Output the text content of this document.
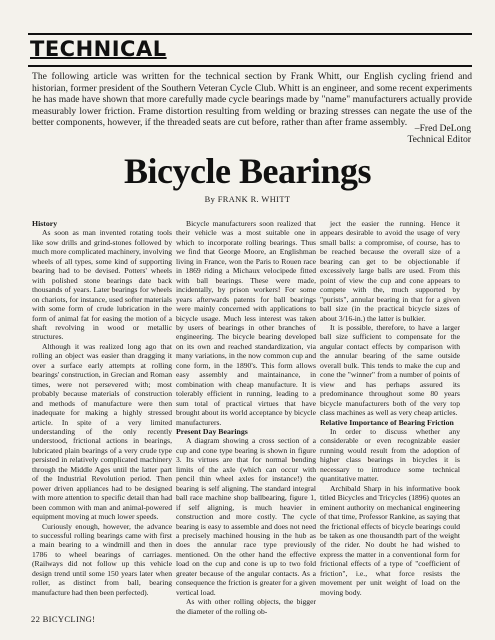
TECHNICAL
The following article was written for the technical section by Frank Whitt, our English cycling friend and historian, former president of the Southern Veteran Cycle Club. Whitt is an engineer, and some recent experiments he has made have shown that more carefully made cycle bearings made by "name" manufacturers actually provide measurably lower friction. Frame distortion resulting from welding or brazing stresses can negate the use of the better components, however, if the threaded seats are cut before, rather than after frame assembly.
–Fred DeLong
Technical Editor
Bicycle Bearings
By FRANK R. WHITT
History

As soon as man invented rotating tools like sow drills and grind-stones followed by much more complicated machinery, involving wheels of all types, some kind of supporting bearing had to be devised. Potters' wheels with polished stone bearings date back thousands of years. Later bearings for wheels on chariots, for instance, used softer materials with some form of crude lubrication in the form of animal fat for easing the motion of a shaft revolving in wood or metallic structures.

Although it was realized long ago that rolling an object was easier than dragging it over a surface early attempts at rolling bearings' construction, in Grecian and Roman times, were not persevered with; most probably because materials of construction and methods of manufacture were then inadequate for making a highly stressed article. In spite of a very limited understanding of the only recently understood, frictional actions in bearings, lubricated plain bearings of a very crude type persisted in relatively complicated machinery through the Middle Ages until the latter part of the Industrial Revolution period. Then power driven appliances had to be designed with more attention to specific detail than had been common with man and animal-powered equipment moving at much lower speeds.

Curiously enough, however, the advance to successful rolling bearings came with first a main bearing to a windmill and then in 1786 to wheel bearings of carriages. (Railways did not follow up this vehicle design trend until some 150 years later when roller, as distinct from ball, bearing manufacture had then been perfected).

Bicycle manufacturers soon realized that their vehicle was a most suitable one in which to incorporate rolling bearings. Thus we find that George Moore, an Englishman living in France, won the Paris to Rouen race in 1869 riding a Michaux velocipede fitted with ball bearings. These were made, incidentally, by prison workers! For some years afterwards patents for ball bearings were mainly concerned with applications to bicycle usage. Much less interest was taken by users of bearings in other branches of engineering. The bicycle bearing developed on its own and reached standardization, via many variations, in the now common cup and cone form, in the 1890's. This form allows easy assembly and maintainance, in combination with cheap manufacture. It is tolerably efficient in running, leading to a sum total of practical virtues that have brought about its world acceptance by bicycle manufacturers.

Present Day Bearings

A diagram showing a cross section of a cup and cone type bearing is shown in figure 3. Its virtues are that for normal bending limits of the axle (which can occur with pencil thin wheel axles for instance!) the bearing is self aligning. The standard integral ball race machine shop ballbearing, figure 1, if self aligning, is much heavier in construction and more costly. The cycle bearing is easy to assemble and does not need a precisely machined housing in the hub as does the annular race type previously mentioned. On the other hand the effective load on the cup and cone is up to two fold greater because of the angular contacts. As a consequence the friction is greater for a given vertical load.

As with other rolling objects, the bigger the diameter of the rolling ob-

ject the easier the running. Hence it appears desirable to avoid the usage of very small balls: a compromise, of course, has to be reached because the overall size of a bearing can get to be objectionable if excessively large balls are used. From this point of view the cup and cone appears to compete with the, much supported by "purists", annular bearing in that for a given ball size (in the practical bicycle sizes of about 3/16-in.) the latter is bulkier.

It is possible, therefore, to have a larger ball size sufficient to compensate for the angular contact effects by comparison with the annular bearing of the same outside overall bulk. This tends to make the cup and cone the "winner" from a number of points of view and has perhaps assured its predominance throughout some 80 years bicycle manufacturers both of the very top class machines as well as very cheap articles.

Relative Importance of Bearing Friction

In order to discuss whether any considerable or even recognizable easier running would result from the adoption of higher class bearings in bicycles it is necessary to introduce some technical quantitative matter.

Archibald Sharp in his informative book titled Bicycles and Tricycles (1896) quotes an eminent authority on mechanical engineering of that time, Professor Rankine, as saying that the frictional effects of bicycle bearings could be taken as one thousandth part of the weight of the rider. No doubt he had wished to express the matter in a conventional form for frictional effects of a type of "coefficient of friction", i.e., what force resists the movement per unit weight of load on the moving body.

22 BICYCLING!
